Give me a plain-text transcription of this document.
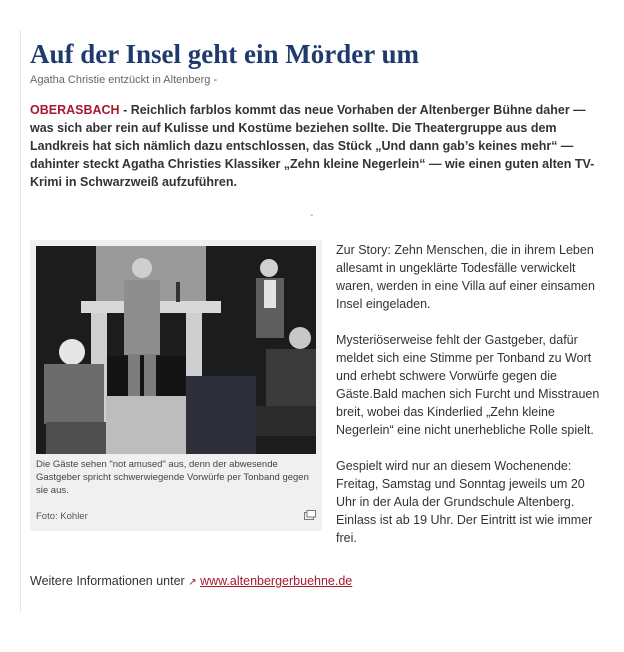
Auf der Insel geht ein Mörder um
Agatha Christie entzückt in Altenberg -
OBERASBACH - Reichlich farblos kommt das neue Vorhaben der Altenberger Bühne daher — was sich aber rein auf Kulisse und Kostüme beziehen sollte. Die Theatergruppe aus dem Landkreis hat sich nämlich dazu entschlossen, das Stück „Und dann gab’s keines mehr“ — dahinter steckt Agatha Christies Klassiker „Zehn kleine Negerlein“ — wie einen guten alten TV-Krimi in Schwarzweiß aufzuführen.
-
Die Gäste sehen "not amused" aus, denn der abwesende Gastgeber spricht schwerwiegende Vorwürfe per Tonband gegen sie aus.
Foto: Kohler

Zur Story: Zehn Menschen, die in ihrem Leben allesamt in ungeklärte Todesfälle verwickelt waren, werden in eine Villa auf einer einsamen Insel eingeladen.

Mysteriöserweise fehlt der Gastgeber, dafür meldet sich eine Stimme per Tonband zu Wort und erhebt schwere Vorwürfe gegen die Gäste.Bald machen sich Furcht und Misstrauen breit, wobei das Kinderlied „Zehn kleine Negerlein“ eine nicht unerhebliche Rolle spielt.

Gespielt wird nur an diesem Wochenende: Freitag, Samstag und Sonntag jeweils um 20 Uhr in der Aula der Grundschule Altenberg. Einlass ist ab 19 Uhr. Der Eintritt ist wie immer frei.

Weitere Informationen unter ↗ www.altenbergerbuehne.de
